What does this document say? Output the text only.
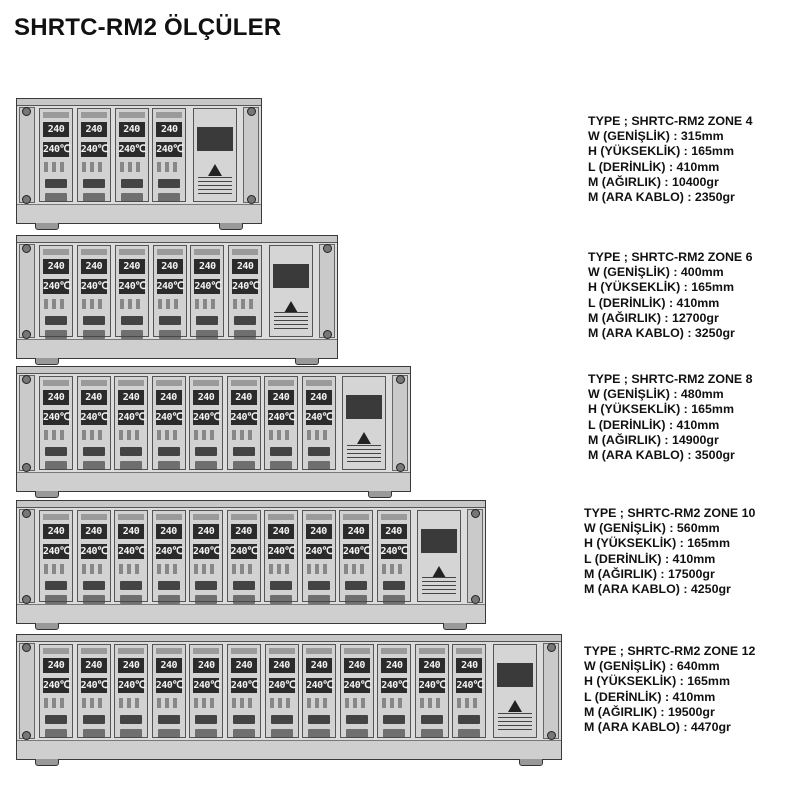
SHRTC-RM2 ÖLÇÜLER
240
240℃
240
240℃
240
240℃
240
240℃
TYPE ; SHRTC-RM2 ZONE 4
W (GENİŞLİK) : 315mm
H (YÜKSEKLİK) : 165mm
L (DERİNLİK) : 410mm
M (AĞIRLIK) : 10400gr
M (ARA KABLO) : 2350gr
240
240℃
240
240℃
240
240℃
240
240℃
240
240℃
240
240℃
TYPE ; SHRTC-RM2 ZONE 6
W (GENİŞLİK) : 400mm
H (YÜKSEKLİK) : 165mm
L (DERİNLİK) : 410mm
M (AĞIRLIK) : 12700gr
M (ARA KABLO) : 3250gr
240
240℃
240
240℃
240
240℃
240
240℃
240
240℃
240
240℃
240
240℃
240
240℃
TYPE ; SHRTC-RM2 ZONE 8
W (GENİŞLİK) : 480mm
H (YÜKSEKLİK) : 165mm
L (DERİNLİK) : 410mm
M (AĞIRLIK) : 14900gr
M (ARA KABLO) : 3500gr
240
240℃
240
240℃
240
240℃
240
240℃
240
240℃
240
240℃
240
240℃
240
240℃
240
240℃
240
240℃
TYPE ; SHRTC-RM2 ZONE 10
W (GENİŞLİK) : 560mm
H (YÜKSEKLİK) : 165mm
L (DERİNLİK) : 410mm
M (AĞIRLIK) : 17500gr
M (ARA KABLO) : 4250gr
240
240℃
240
240℃
240
240℃
240
240℃
240
240℃
240
240℃
240
240℃
240
240℃
240
240℃
240
240℃
240
240℃
240
240℃
TYPE ; SHRTC-RM2 ZONE 12
W (GENİŞLİK) : 640mm
H (YÜKSEKLİK) : 165mm
L (DERİNLİK) : 410mm
M (AĞIRLIK) : 19500gr
M (ARA KABLO) : 4470gr
